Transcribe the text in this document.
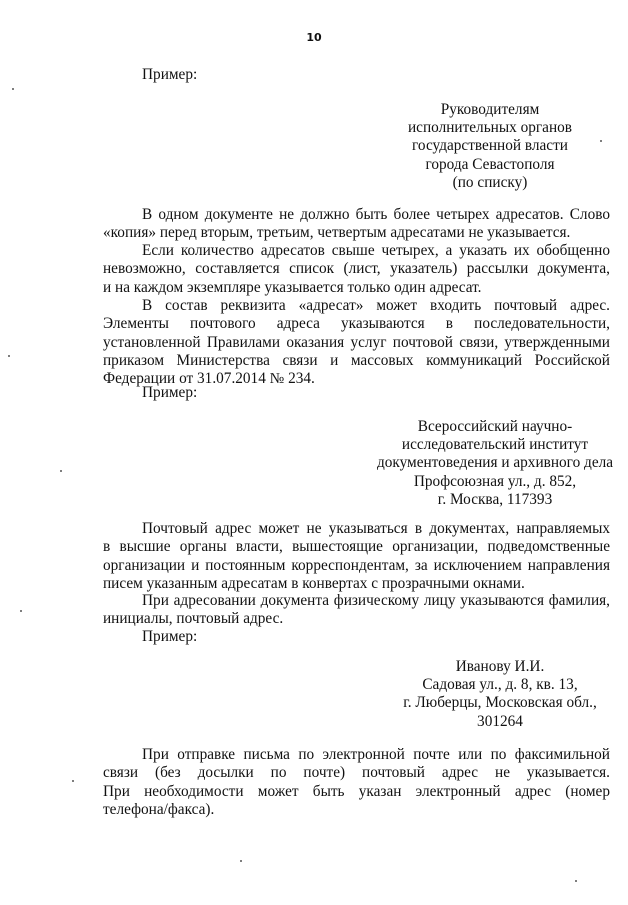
10
Пример:
Руководителям
исполнительных органов
государственной власти
города Севастополя
(по списку)
В одном документе не должно быть более четырех адресатов. Слово
«копия» перед вторым, третьим, четвертым адресатами не указывается.
Если количество адресатов свыше четырех, а указать их обобщенно
невозможно, составляется список (лист, указатель) рассылки документа,
и на каждом экземпляре указывается только один адресат.
В состав реквизита «адресат» может входить почтовый адрес.
Элементы почтового адреса указываются в последовательности,
установленной Правилами оказания услуг почтовой связи, утвержденными
приказом Министерства связи и массовых коммуникаций Российской
Федерации от 31.07.2014 № 234.
Пример:
Всероссийский научно-
исследовательский институт
документоведения и архивного дела
Профсоюзная ул., д. 852,
г. Москва, 117393
Почтовый адрес может не указываться в документах, направляемых
в высшие органы власти, вышестоящие организации, подведомственные
организации и постоянным корреспондентам, за исключением направления
писем указанным адресатам в конвертах с прозрачными окнами.
При адресовании документа физическому лицу указываются фамилия,
инициалы, почтовый адрес.
Пример:
Иванову И.И.
Садовая ул., д. 8, кв. 13,
г. Люберцы, Московская обл.,
301264
При отправке письма по электронной почте или по факсимильной
связи (без досылки по почте) почтовый адрес не указывается.
При необходимости может быть указан электронный адрес (номер
телефона/факса).
